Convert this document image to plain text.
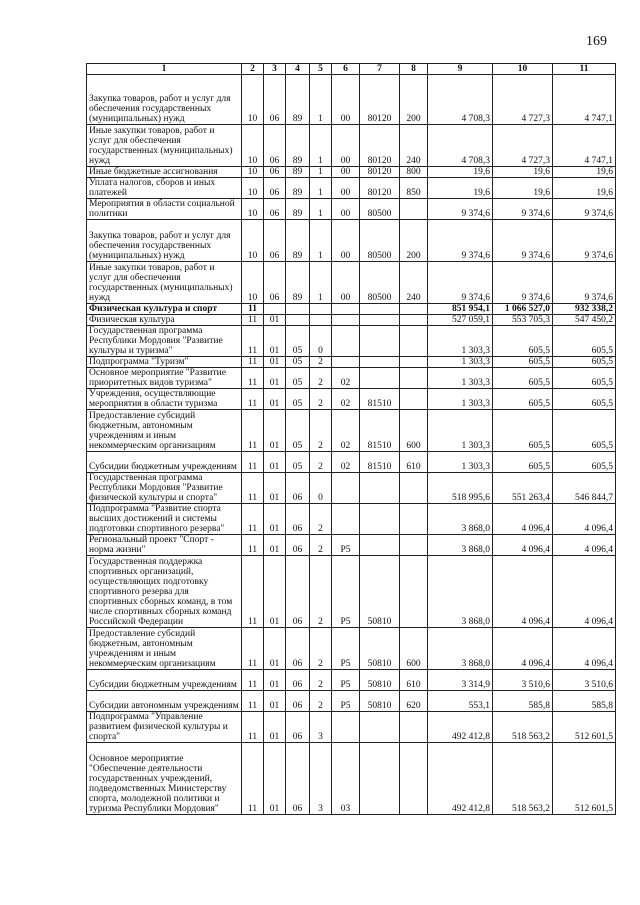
169
1	2	3	4	5	6	7	8	9	10	11
Закупка товаров, работ и услуг для обеспечения государственных (муниципальных) нужд	10	06	89	1	00	80120	200	4 708,3	4 727,3	4 747,1
Иные закупки товаров, работ и услуг для обеспечения государственных (муниципальных) нужд	10	06	89	1	00	80120	240	4 708,3	4 727,3	4 747,1
Иные бюджетные ассигнования	10	06	89	1	00	80120	800	19,6	19,6	19,6
Уплата налогов, сборов и иных платежей	10	06	89	1	00	80120	850	19,6	19,6	19,6
Мероприятия в области социальной политики	10	06	89	1	00	80500		9 374,6	9 374,6	9 374,6
Закупка товаров, работ и услуг для обеспечения государственных (муниципальных) нужд	10	06	89	1	00	80500	200	9 374,6	9 374,6	9 374,6
Иные закупки товаров, работ и услуг для обеспечения государственных (муниципальных) нужд	10	06	89	1	00	80500	240	9 374,6	9 374,6	9 374,6
Физическая культура и спорт	11							851 954,1	1 066 527,0	932 338,2
Физическая культура	11	01						527 059,1	553 705,3	547 450,2
Государственная программа Республики Мордовия "Развитие культуры и туризма"	11	01	05	0				1 303,3	605,5	605,5
Подпрограмма "Туризм"	11	01	05	2				1 303,3	605,5	605,5
Основное мероприятие "Развитие приоритетных видов туризма"	11	01	05	2	02			1 303,3	605,5	605,5
Учреждения, осуществляющие мероприятия в области туризма	11	01	05	2	02	81510		1 303,3	605,5	605,5
Предоставление субсидий бюджетным, автономным учреждениям и иным некоммерческим организациям	11	01	05	2	02	81510	600	1 303,3	605,5	605,5
Субсидии бюджетным учреждениям	11	01	05	2	02	81510	610	1 303,3	605,5	605,5
Государственная программа Республики Мордовия "Развитие физической культуры и спорта"	11	01	06	0				518 995,6	551 263,4	546 844,7
Подпрограмма "Развитие спорта высших достижений и системы подготовки спортивного резерва"	11	01	06	2				3 868,0	4 096,4	4 096,4
Региональный проект "Спорт - норма жизни"	11	01	06	2	P5			3 868,0	4 096,4	4 096,4
Государственная поддержка спортивных организаций, осуществляющих подготовку спортивного резерва для спортивных сборных команд, в том числе спортивных сборных команд Российской Федерации	11	01	06	2	P5	50810		3 868,0	4 096,4	4 096,4
Предоставление субсидий бюджетным, автономным учреждениям и иным некоммерческим организациям	11	01	06	2	P5	50810	600	3 868,0	4 096,4	4 096,4
Субсидии бюджетным учреждениям	11	01	06	2	P5	50810	610	3 314,9	3 510,6	3 510,6
Субсидии автономным учреждениям	11	01	06	2	P5	50810	620	553,1	585,8	585,8
Подпрограмма "Управление развитием физической культуры и спорта"	11	01	06	3				492 412,8	518 563,2	512 601,5
Основное мероприятие "Обеспечение деятельности государственных учреждений, подведомственных Министерству спорта, молодежной политики и туризма Республики Мордовия"	11	01	06	3	03			492 412,8	518 563,2	512 601,5
